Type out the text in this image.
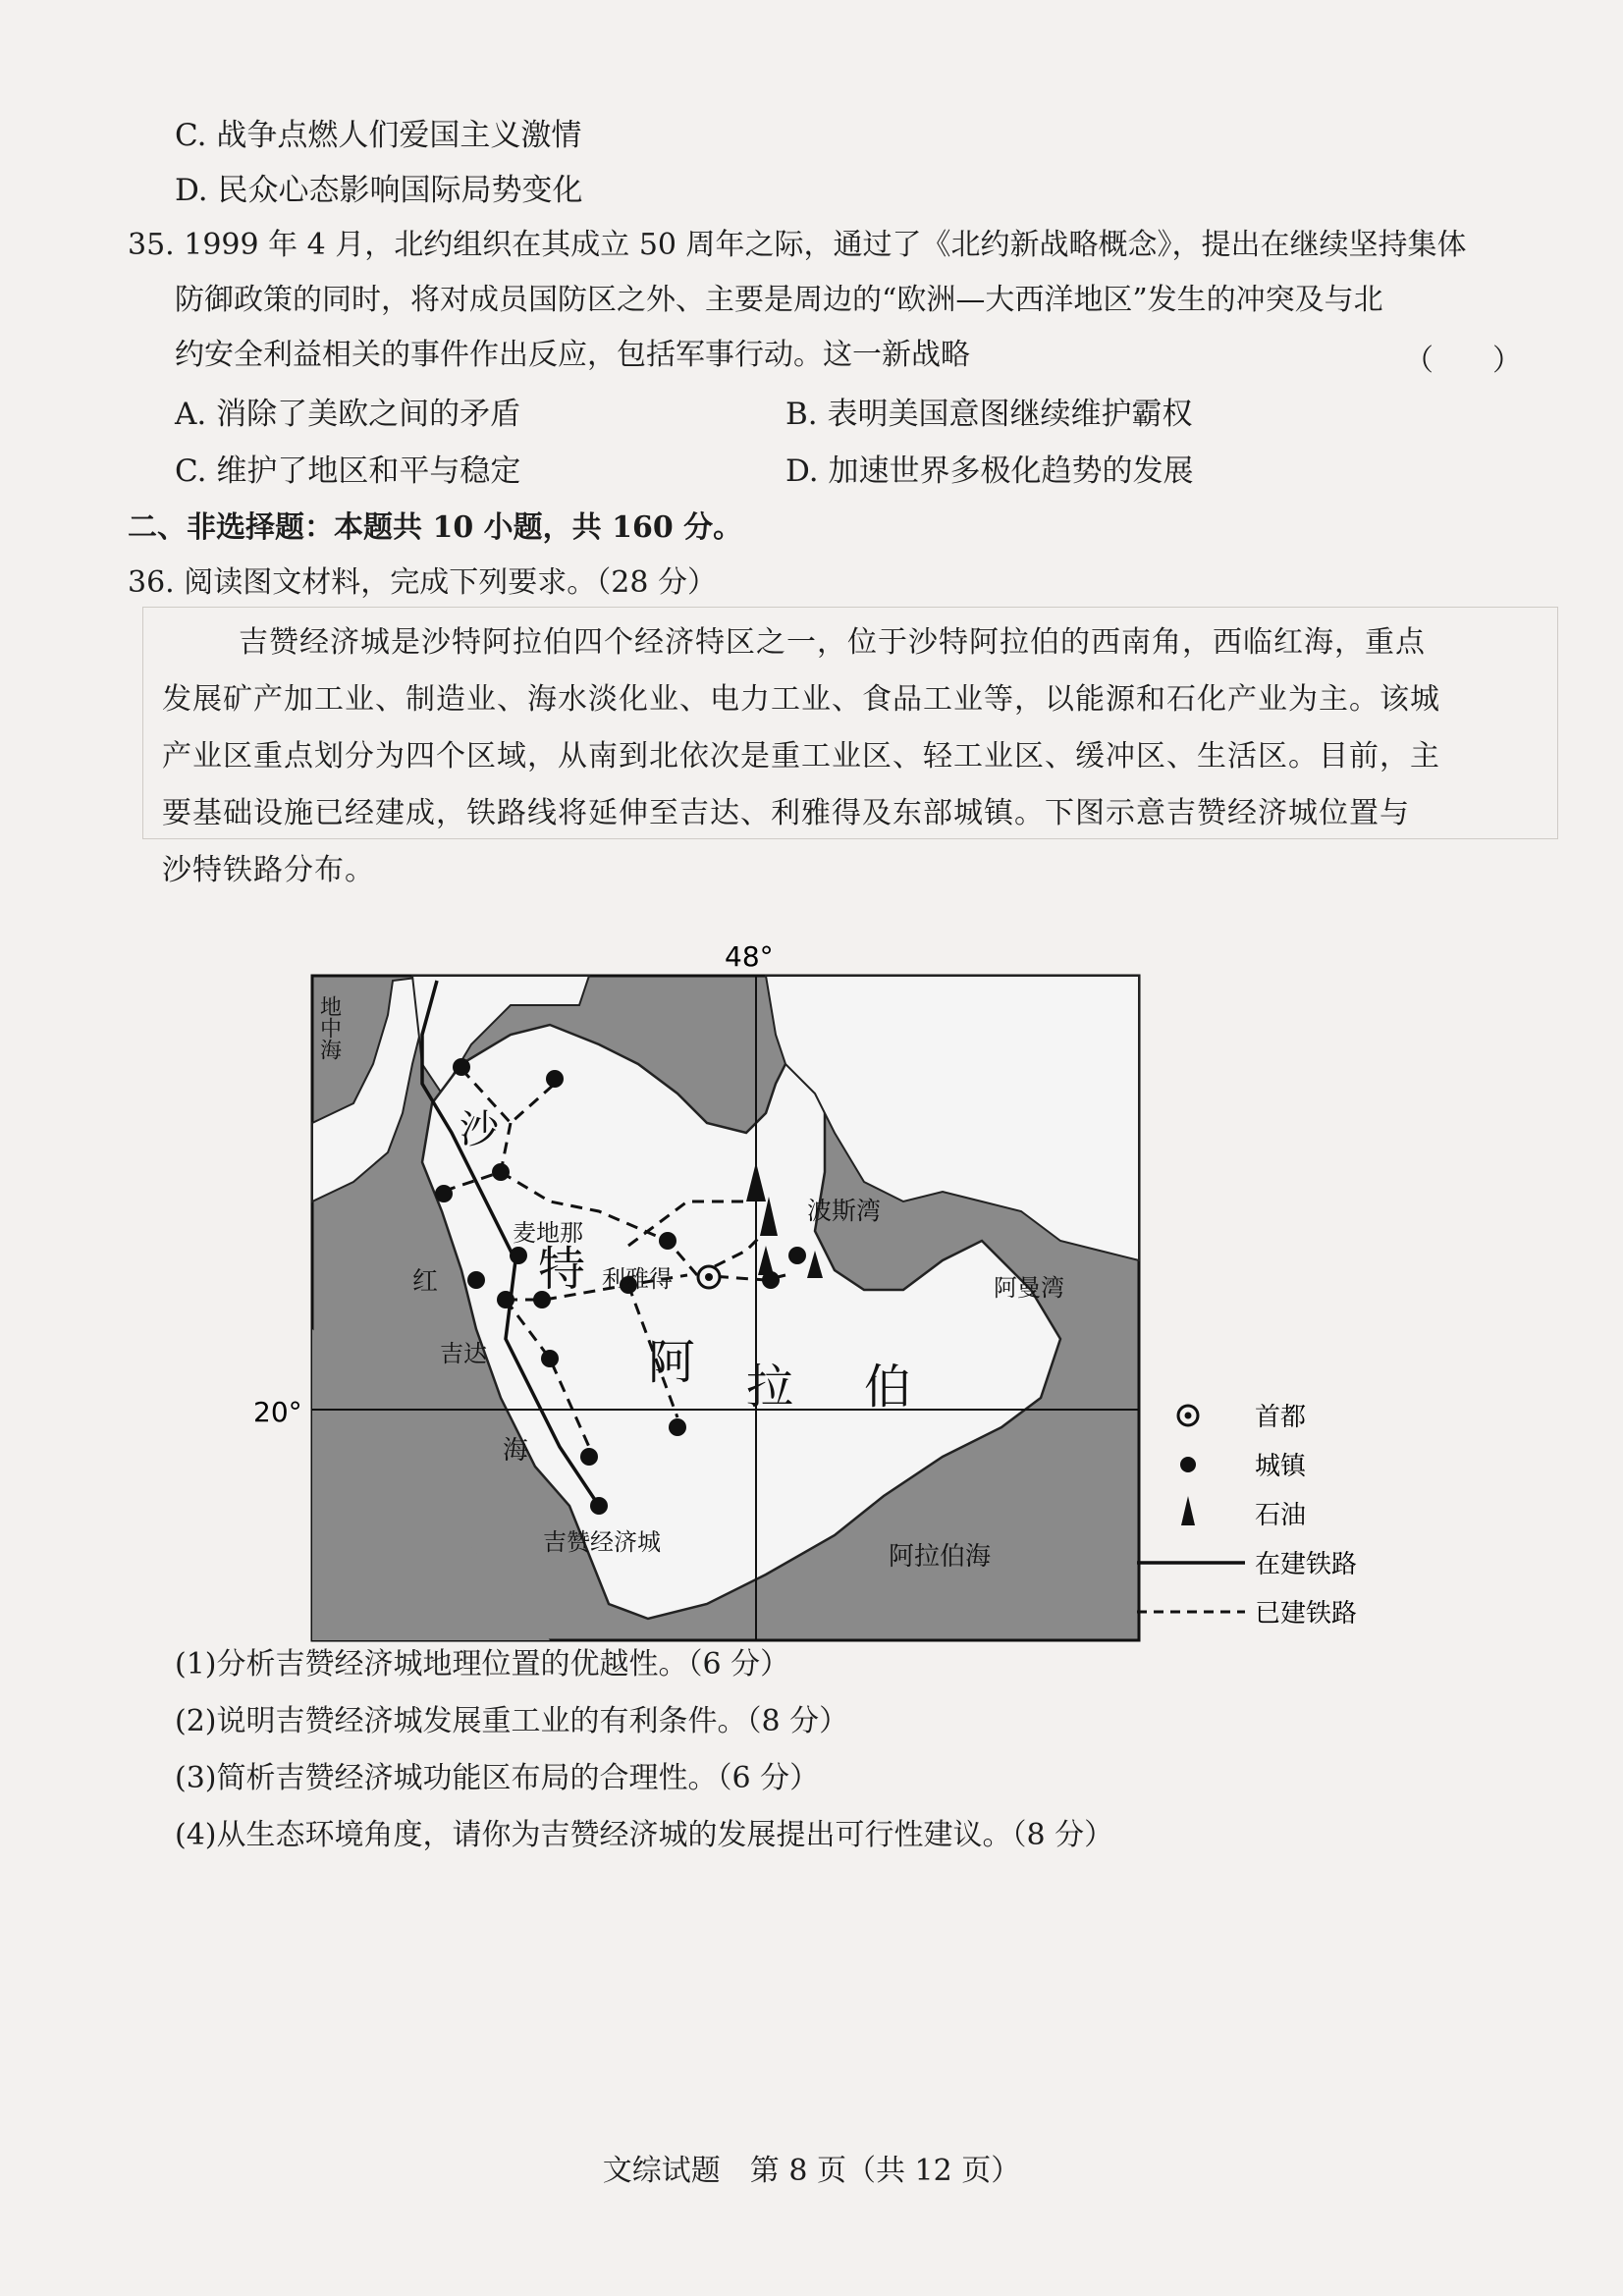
C. 战争点燃人们爱国主义激情
D. 民众心态影响国际局势变化
35. 1999 年 4 月，北约组织在其成立 50 周年之际，通过了《北约新战略概念》，提出在继续坚持集体
防御政策的同时，将对成员国防区之外、主要是周边的“欧洲—大西洋地区”发生的冲突及与北
约安全利益相关的事件作出反应，包括军事行动。这一新战略	（　　）
A. 消除了美欧之间的矛盾	B. 表明美国意图继续维护霸权
C. 维护了地区和平与稳定	D. 加速世界多极化趋势的发展
二、非选择题：本题共 10 小题，共 160 分。
36. 阅读图文材料，完成下列要求。（28 分）
吉赞经济城是沙特阿拉伯四个经济特区之一，位于沙特阿拉伯的西南角，西临红海，重点
发展矿产加工业、制造业、海水淡化业、电力工业、食品工业等，以能源和石化产业为主。该城
产业区重点划分为四个区域，从南到北依次是重工业区、轻工业区、缓冲区、生活区。目前，主
要基础设施已经建成，铁路线将延伸至吉达、利雅得及东部城镇。下图示意吉赞经济城位置与
沙特铁路分布。
48°
20°
地中海
红
海
波斯湾
阿曼湾
阿拉伯海
沙
特
阿 拉 伯
麦地那
利雅得
吉达
吉赞经济城
首都
城镇
石油
在建铁路
已建铁路
(1)分析吉赞经济城地理位置的优越性。（6 分）
(2)说明吉赞经济城发展重工业的有利条件。（8 分）
(3)简析吉赞经济城功能区布局的合理性。（6 分）
(4)从生态环境角度，请你为吉赞经济城的发展提出可行性建议。（8 分）
文综试题　第 8 页（共 12 页）
